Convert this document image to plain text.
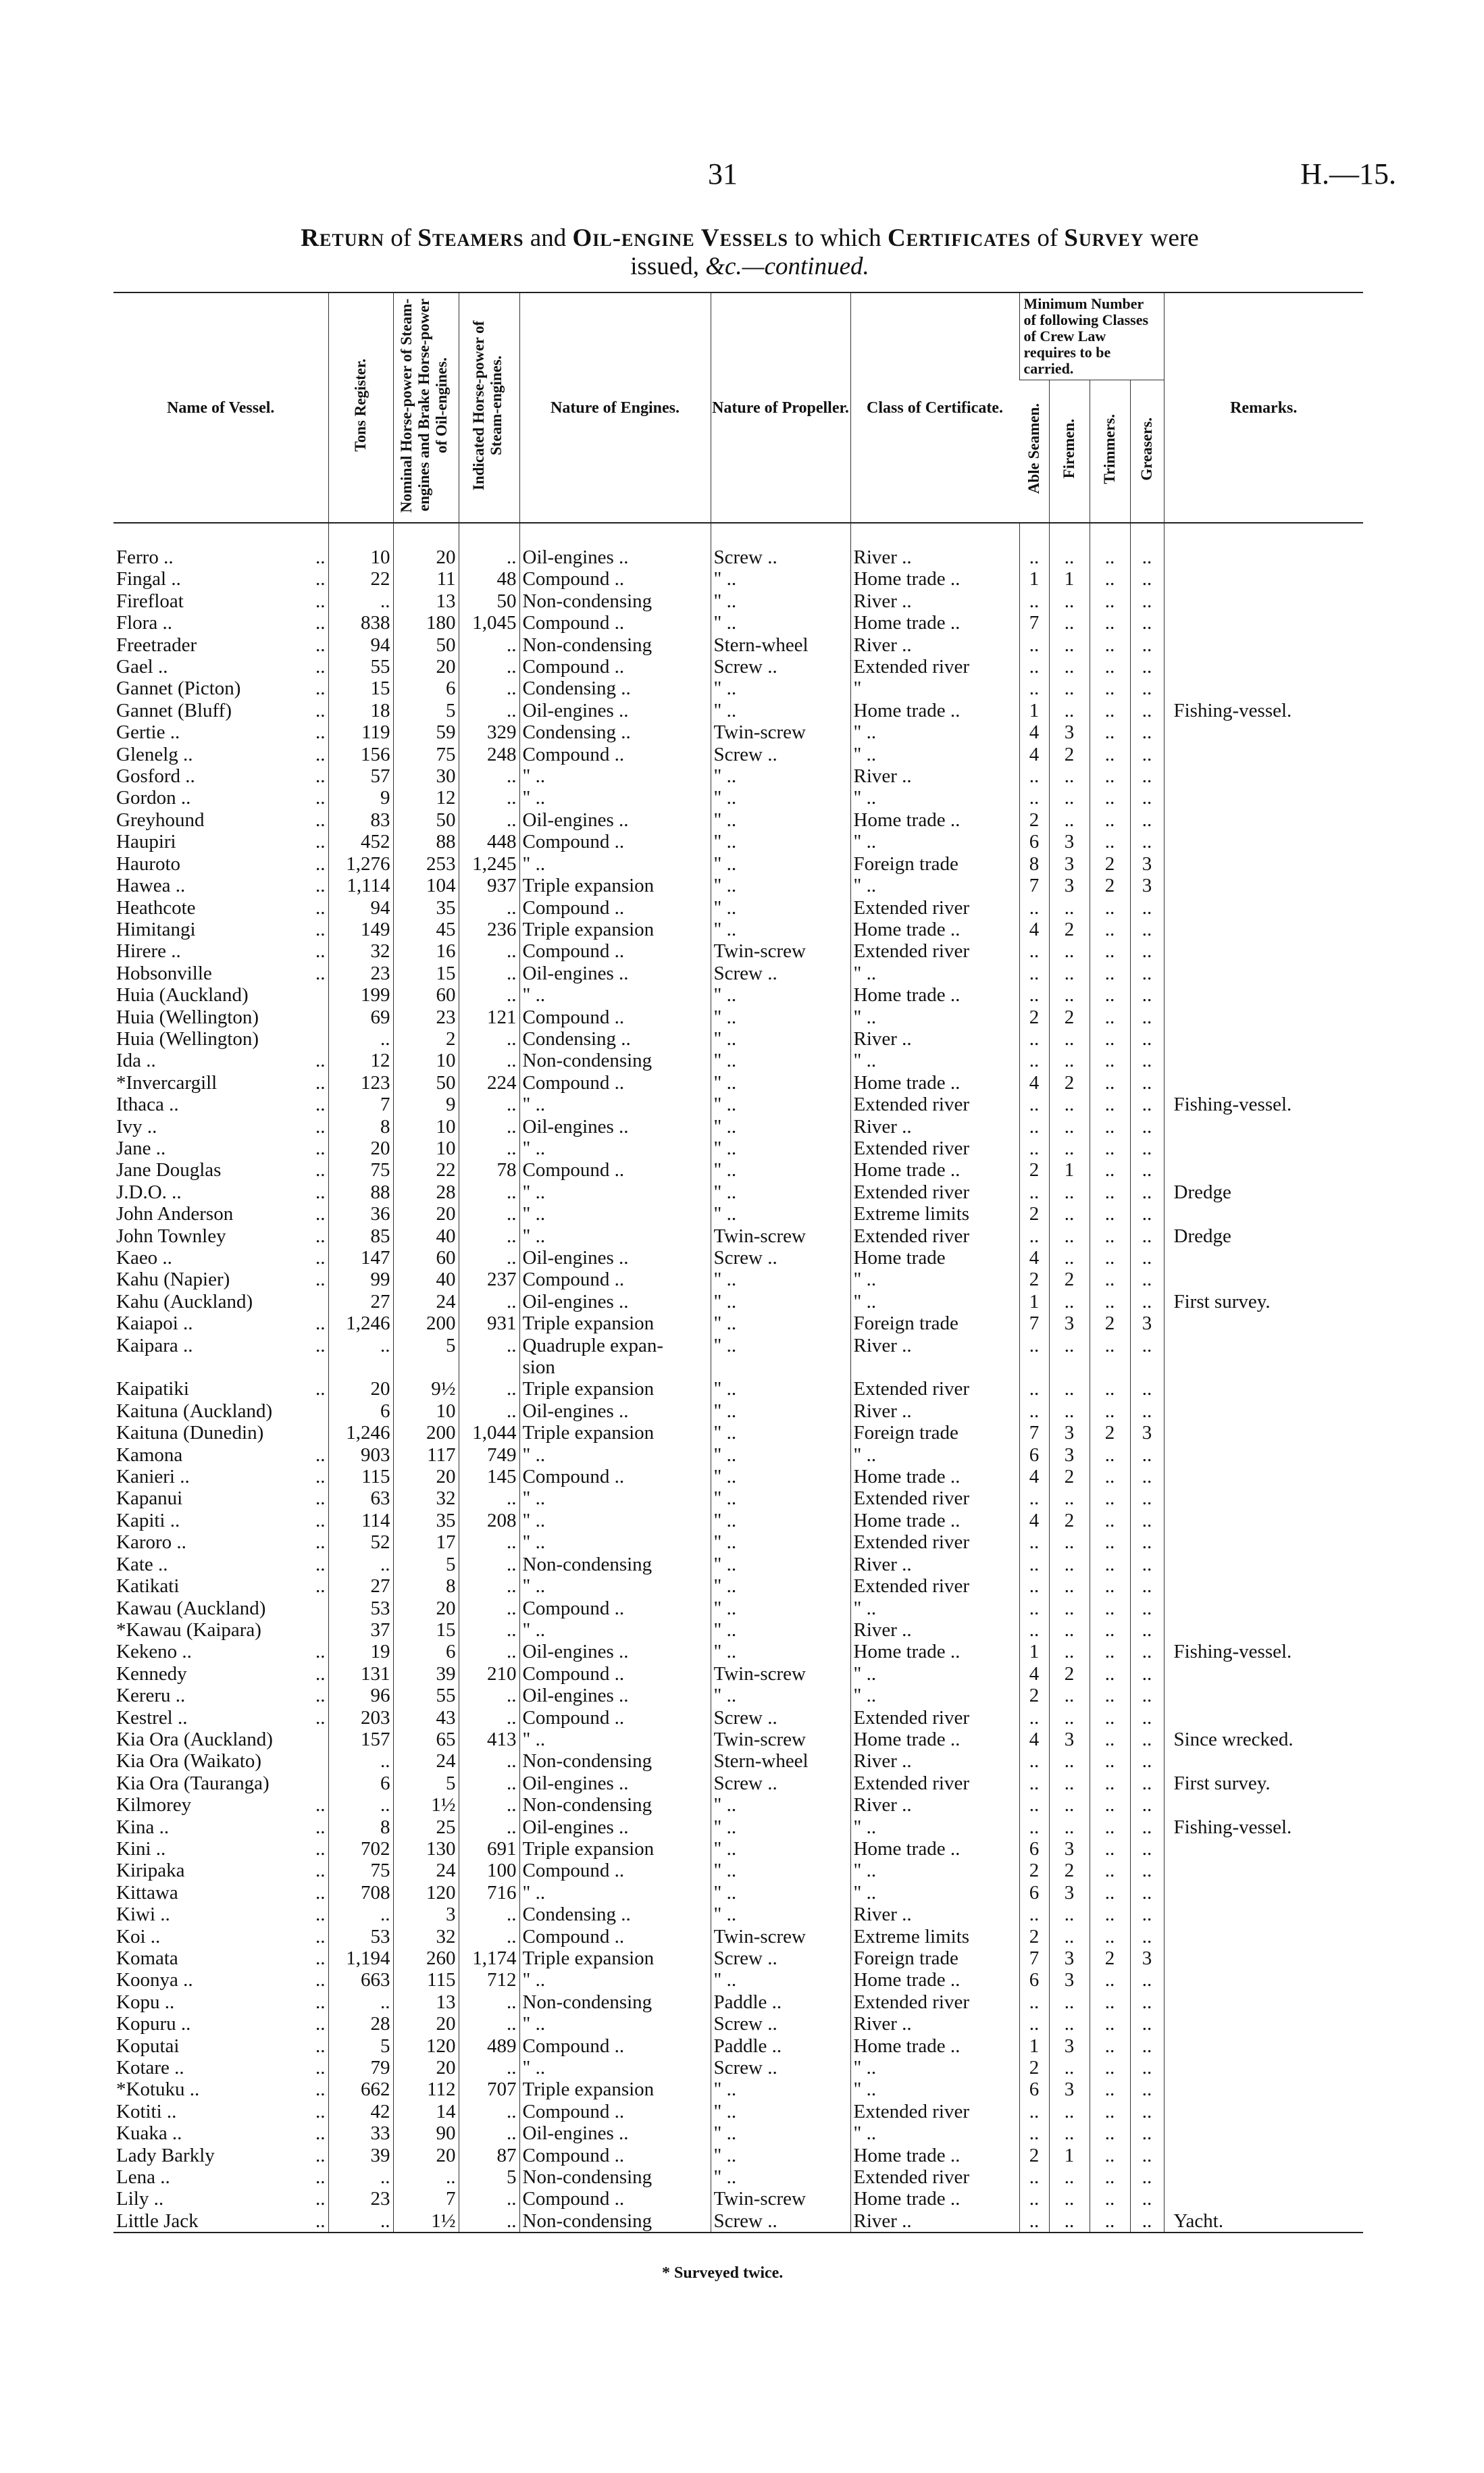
31	H.—15.
Return of Steamers and Oil-engine Vessels to which Certificates of Survey were
issued, &c.—continued.
Name of Vessel.	Tons Register.	Nominal Horse-power of Steam-engines and Brake Horse-power of Oil-engines.	Indicated Horse-power of Steam-engines.	Nature of Engines.	Nature of Propeller.	Class of Certificate.	Minimum Number of following Classes of Crew Law requires to be carried.				Remarks.
							Able Seamen.	Firemen.	Trimmers.	Greasers.	
Ferro .. ..	10	20	..	Oil-engines ..	Screw ..	River ..	..	..	..	..	
Fingal .. ..	22	11	48	Compound ..	" ..	Home trade ..	1	1	..	..	
Firefloat ..	..	13	50	Non-condensing	" ..	River ..	..	..	..	..	
Flora .. ..	838	180	1,045	Compound ..	" ..	Home trade ..	7	..	..	..	
Freetrader ..	94	50	..	Non-condensing	Stern-wheel	River ..	..	..	..	..	
Gael .. ..	55	20	..	Compound ..	Screw ..	Extended river	..	..	..	..	
Gannet (Picton) ..	15	6	..	Condensing ..	" ..	"	..	..	..	..	
Gannet (Bluff) ..	18	5	..	Oil-engines ..	" ..	Home trade ..	1	..	..	..	Fishing-vessel.
Gertie .. ..	119	59	329	Condensing ..	Twin-screw	" ..	4	3	..	..	
Glenelg .. ..	156	75	248	Compound ..	Screw ..	" ..	4	2	..	..	
Gosford .. ..	57	30	..	" ..	" ..	River ..	..	..	..	..	
Gordon .. ..	9	12	..	" ..	" ..	" ..	..	..	..	..	
Greyhound ..	83	50	..	Oil-engines ..	" ..	Home trade ..	2	..	..	..	
Haupiri ..	452	88	448	Compound ..	" ..	" ..	6	3	..	..	
Hauroto ..	1,276	253	1,245	" ..	" ..	Foreign trade	8	3	2	3	
Hawea .. ..	1,114	104	937	Triple expansion	" ..	" ..	7	3	2	3	
Heathcote ..	94	35	..	Compound ..	" ..	Extended river	..	..	..	..	
Himitangi ..	149	45	236	Triple expansion	" ..	Home trade ..	4	2	..	..	
Hirere .. ..	32	16	..	Compound ..	Twin-screw	Extended river	..	..	..	..	
Hobsonville ..	23	15	..	Oil-engines ..	Screw ..	" ..	..	..	..	..	
Huia (Auckland)	199	60	..	" ..	" ..	Home trade ..	..	..	..	..	
Huia (Wellington)	69	23	121	Compound ..	" ..	" ..	2	2	..	..	
Huia (Wellington)	..	2	..	Condensing ..	" ..	River ..	..	..	..	..	
Ida .. ..	12	10	..	Non-condensing	" ..	" ..	..	..	..	..	
*Invercargill ..	123	50	224	Compound ..	" ..	Home trade ..	4	2	..	..	
Ithaca .. ..	7	9	..	" ..	" ..	Extended river	..	..	..	..	Fishing-vessel.
Ivy .. ..	8	10	..	Oil-engines ..	" ..	River ..	..	..	..	..	
Jane .. ..	20	10	..	" ..	" ..	Extended river	..	..	..	..	
Jane Douglas ..	75	22	78	Compound ..	" ..	Home trade ..	2	1	..	..	
J.D.O. .. ..	88	28	..	" ..	" ..	Extended river	..	..	..	..	Dredge
John Anderson ..	36	20	..	" ..	" ..	Extreme limits	2	..	..	..	
John Townley ..	85	40	..	" ..	Twin-screw	Extended river	..	..	..	..	Dredge
Kaeo .. ..	147	60	..	Oil-engines ..	Screw ..	Home trade	4	..	..	..	
Kahu (Napier) ..	99	40	237	Compound ..	" ..	" ..	2	2	..	..	
Kahu (Auckland)	27	24	..	Oil-engines ..	" ..	" ..	1	..	..	..	First survey.
Kaiapoi .. ..	1,246	200	931	Triple expansion	" ..	Foreign trade	7	3	2	3	
Kaipara .. ..	..	5	..	Quadruple expan-	" ..	River ..	..	..	..	..	

				sion							
Kaipatiki ..	20	9½	..	Triple expansion	" ..	Extended river	..	..	..	..	
Kaituna (Auckland)	6	10	..	Oil-engines ..	" ..	River ..	..	..	..	..	
Kaituna (Dunedin)	1,246	200	1,044	Triple expansion	" ..	Foreign trade	7	3	2	3	
Kamona ..	903	117	749	" ..	" ..	" ..	6	3	..	..	
Kanieri .. ..	115	20	145	Compound ..	" ..	Home trade ..	4	2	..	..	
Kapanui ..	63	32	..	" ..	" ..	Extended river	..	..	..	..	
Kapiti .. ..	114	35	208	" ..	" ..	Home trade ..	4	2	..	..	
Karoro .. ..	52	17	..	" ..	" ..	Extended river	..	..	..	..	
Kate .. ..	..	5	..	Non-condensing	" ..	River ..	..	..	..	..	
Katikati ..	27	8	..	" ..	" ..	Extended river	..	..	..	..	
Kawau (Auckland)	53	20	..	Compound ..	" ..	" ..	..	..	..	..	
*Kawau (Kaipara)	37	15	..	" ..	" ..	River ..	..	..	..	..	
Kekeno .. ..	19	6	..	Oil-engines ..	" ..	Home trade ..	1	..	..	..	Fishing-vessel.
Kennedy ..	131	39	210	Compound ..	Twin-screw	" ..	4	2	..	..	
Kereru .. ..	96	55	..	Oil-engines ..	" ..	" ..	2	..	..	..	
Kestrel .. ..	203	43	..	Compound ..	Screw ..	Extended river	..	..	..	..	
Kia Ora (Auckland)	157	65	413	" ..	Twin-screw	Home trade ..	4	3	..	..	Since wrecked.
Kia Ora (Waikato)	..	24	..	Non-condensing	Stern-wheel	River ..	..	..	..	..	
Kia Ora (Tauranga)	6	5	..	Oil-engines ..	Screw ..	Extended river	..	..	..	..	First survey.
Kilmorey ..	..	1½	..	Non-condensing	" ..	River ..	..	..	..	..	
Kina .. ..	8	25	..	Oil-engines ..	" ..	" ..	..	..	..	..	Fishing-vessel.
Kini .. ..	702	130	691	Triple expansion	" ..	Home trade ..	6	3	..	..	
Kiripaka ..	75	24	100	Compound ..	" ..	" ..	2	2	..	..	
Kittawa ..	708	120	716	" ..	" ..	" ..	6	3	..	..	
Kiwi .. ..	..	3	..	Condensing ..	" ..	River ..	..	..	..	..	
Koi .. ..	53	32	..	Compound ..	Twin-screw	Extreme limits	2	..	..	..	
Komata ..	1,194	260	1,174	Triple expansion	Screw ..	Foreign trade	7	3	2	3	
Koonya .. ..	663	115	712	" ..	" ..	Home trade ..	6	3	..	..	
Kopu .. ..	..	13	..	Non-condensing	Paddle ..	Extended river	..	..	..	..	
Kopuru .. ..	28	20	..	" ..	Screw ..	River ..	..	..	..	..	
Koputai ..	5	120	489	Compound ..	Paddle ..	Home trade ..	1	3	..	..	
Kotare .. ..	79	20	..	" ..	Screw ..	" ..	2	..	..	..	
*Kotuku .. ..	662	112	707	Triple expansion	" ..	" ..	6	3	..	..	
Kotiti .. ..	42	14	..	Compound ..	" ..	Extended river	..	..	..	..	
Kuaka .. ..	33	90	..	Oil-engines ..	" ..	" ..	..	..	..	..	
Lady Barkly ..	39	20	87	Compound ..	" ..	Home trade ..	2	1	..	..	
Lena .. ..	..	..	5	Non-condensing	" ..	Extended river	..	..	..	..	
Lily .. ..	23	7	..	Compound ..	Twin-screw	Home trade ..	..	..	..	..	
Little Jack ..	..	1½	..	Non-condensing	Screw ..	River ..	..	..	..	..	Yacht.
* Surveyed twice.
